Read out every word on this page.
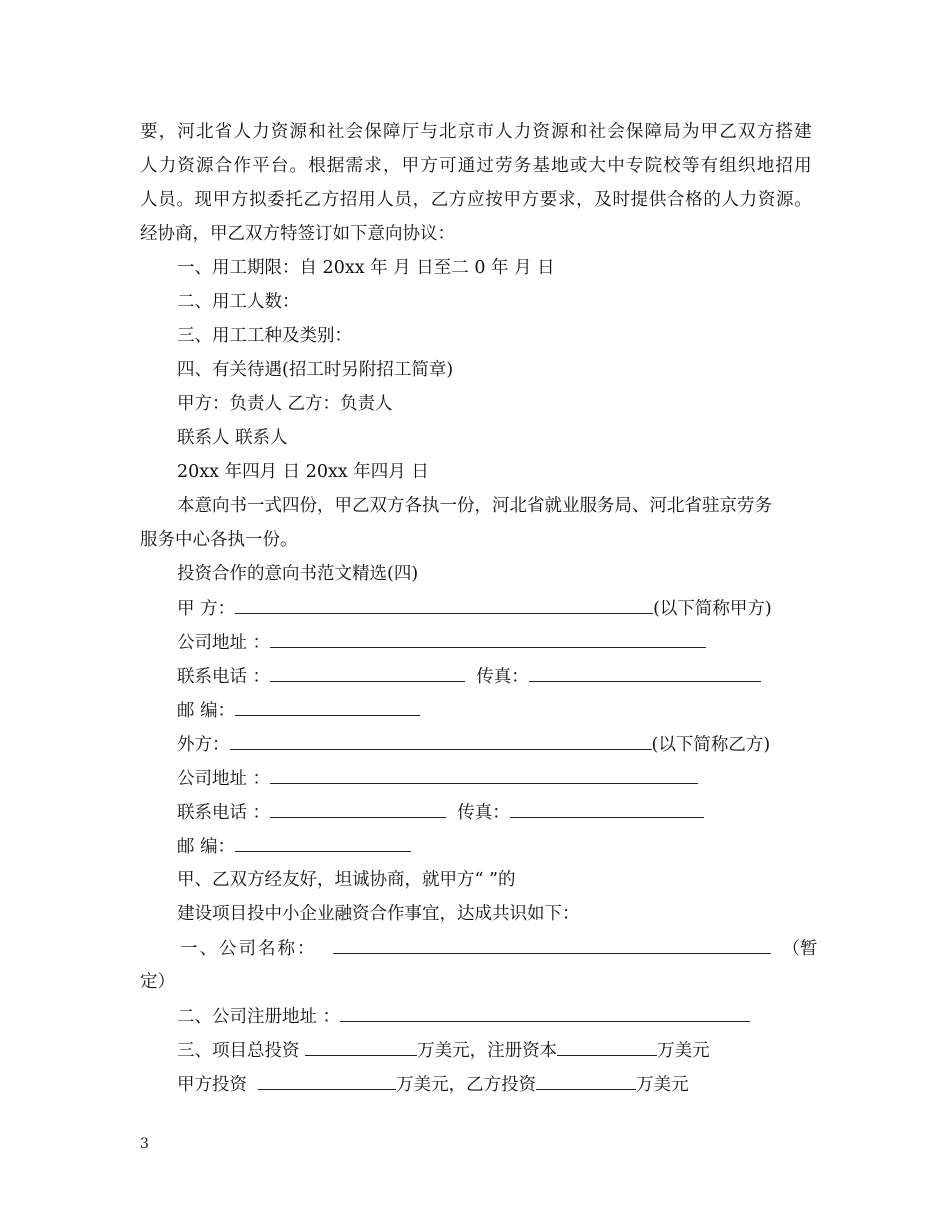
要 ， 河 北 省 人 力 资 源 和 社 会 保 障 厅 与 北 京 市 人 力 资 源 和 社 会 保 障 局 为 甲 乙 双 方 搭 建
人 力 资 源 合 作 平 台 。 根 据 需 求 ， 甲 方 可 通 过 劳 务 基 地 或 大 中 专 院 校 等 有 组 织 地 招 用
人 员 。 现 甲 方 拟 委 托 乙 方 招 用 人 员 ， 乙 方 应 按 甲 方 要 求 ， 及 时 提 供 合 格 的 人 力 资 源 。
经协商，甲乙双方特签订如下意向协议：
一、用工期限：自 20xx 年 月 日至二 0 年 月 日
二、用工人数：
三、用工工种及类别：
四、有关待遇(招工时另附招工简章)
甲方：负责人 乙方：负责人
联系人 联系人
20xx 年四月 日 20xx 年四月 日
本意向书一式四份，甲乙双方各执一份，河北省就业服务局、河北省驻京劳务
服务中心各执一份。
投资合作的意向书范文精选(四)
甲 方：	(以下简称甲方)
公司地址 ：
联系电话 ：	传真：
邮 编：
外方：	(以下简称乙方)
公司地址 ：
联系电话 ：	传真：
邮 编：
甲、乙双方经友好，坦诚协商，就甲方“ ”的
建设项目投中小企业融资合作事宜，达成共识如下：
一、公司名称：	（暂
定）
二、公司注册地址 ：
三、项目总投资	万美元，注册资本	万美元
甲方投资	万美元，乙方投资	万美元
3
